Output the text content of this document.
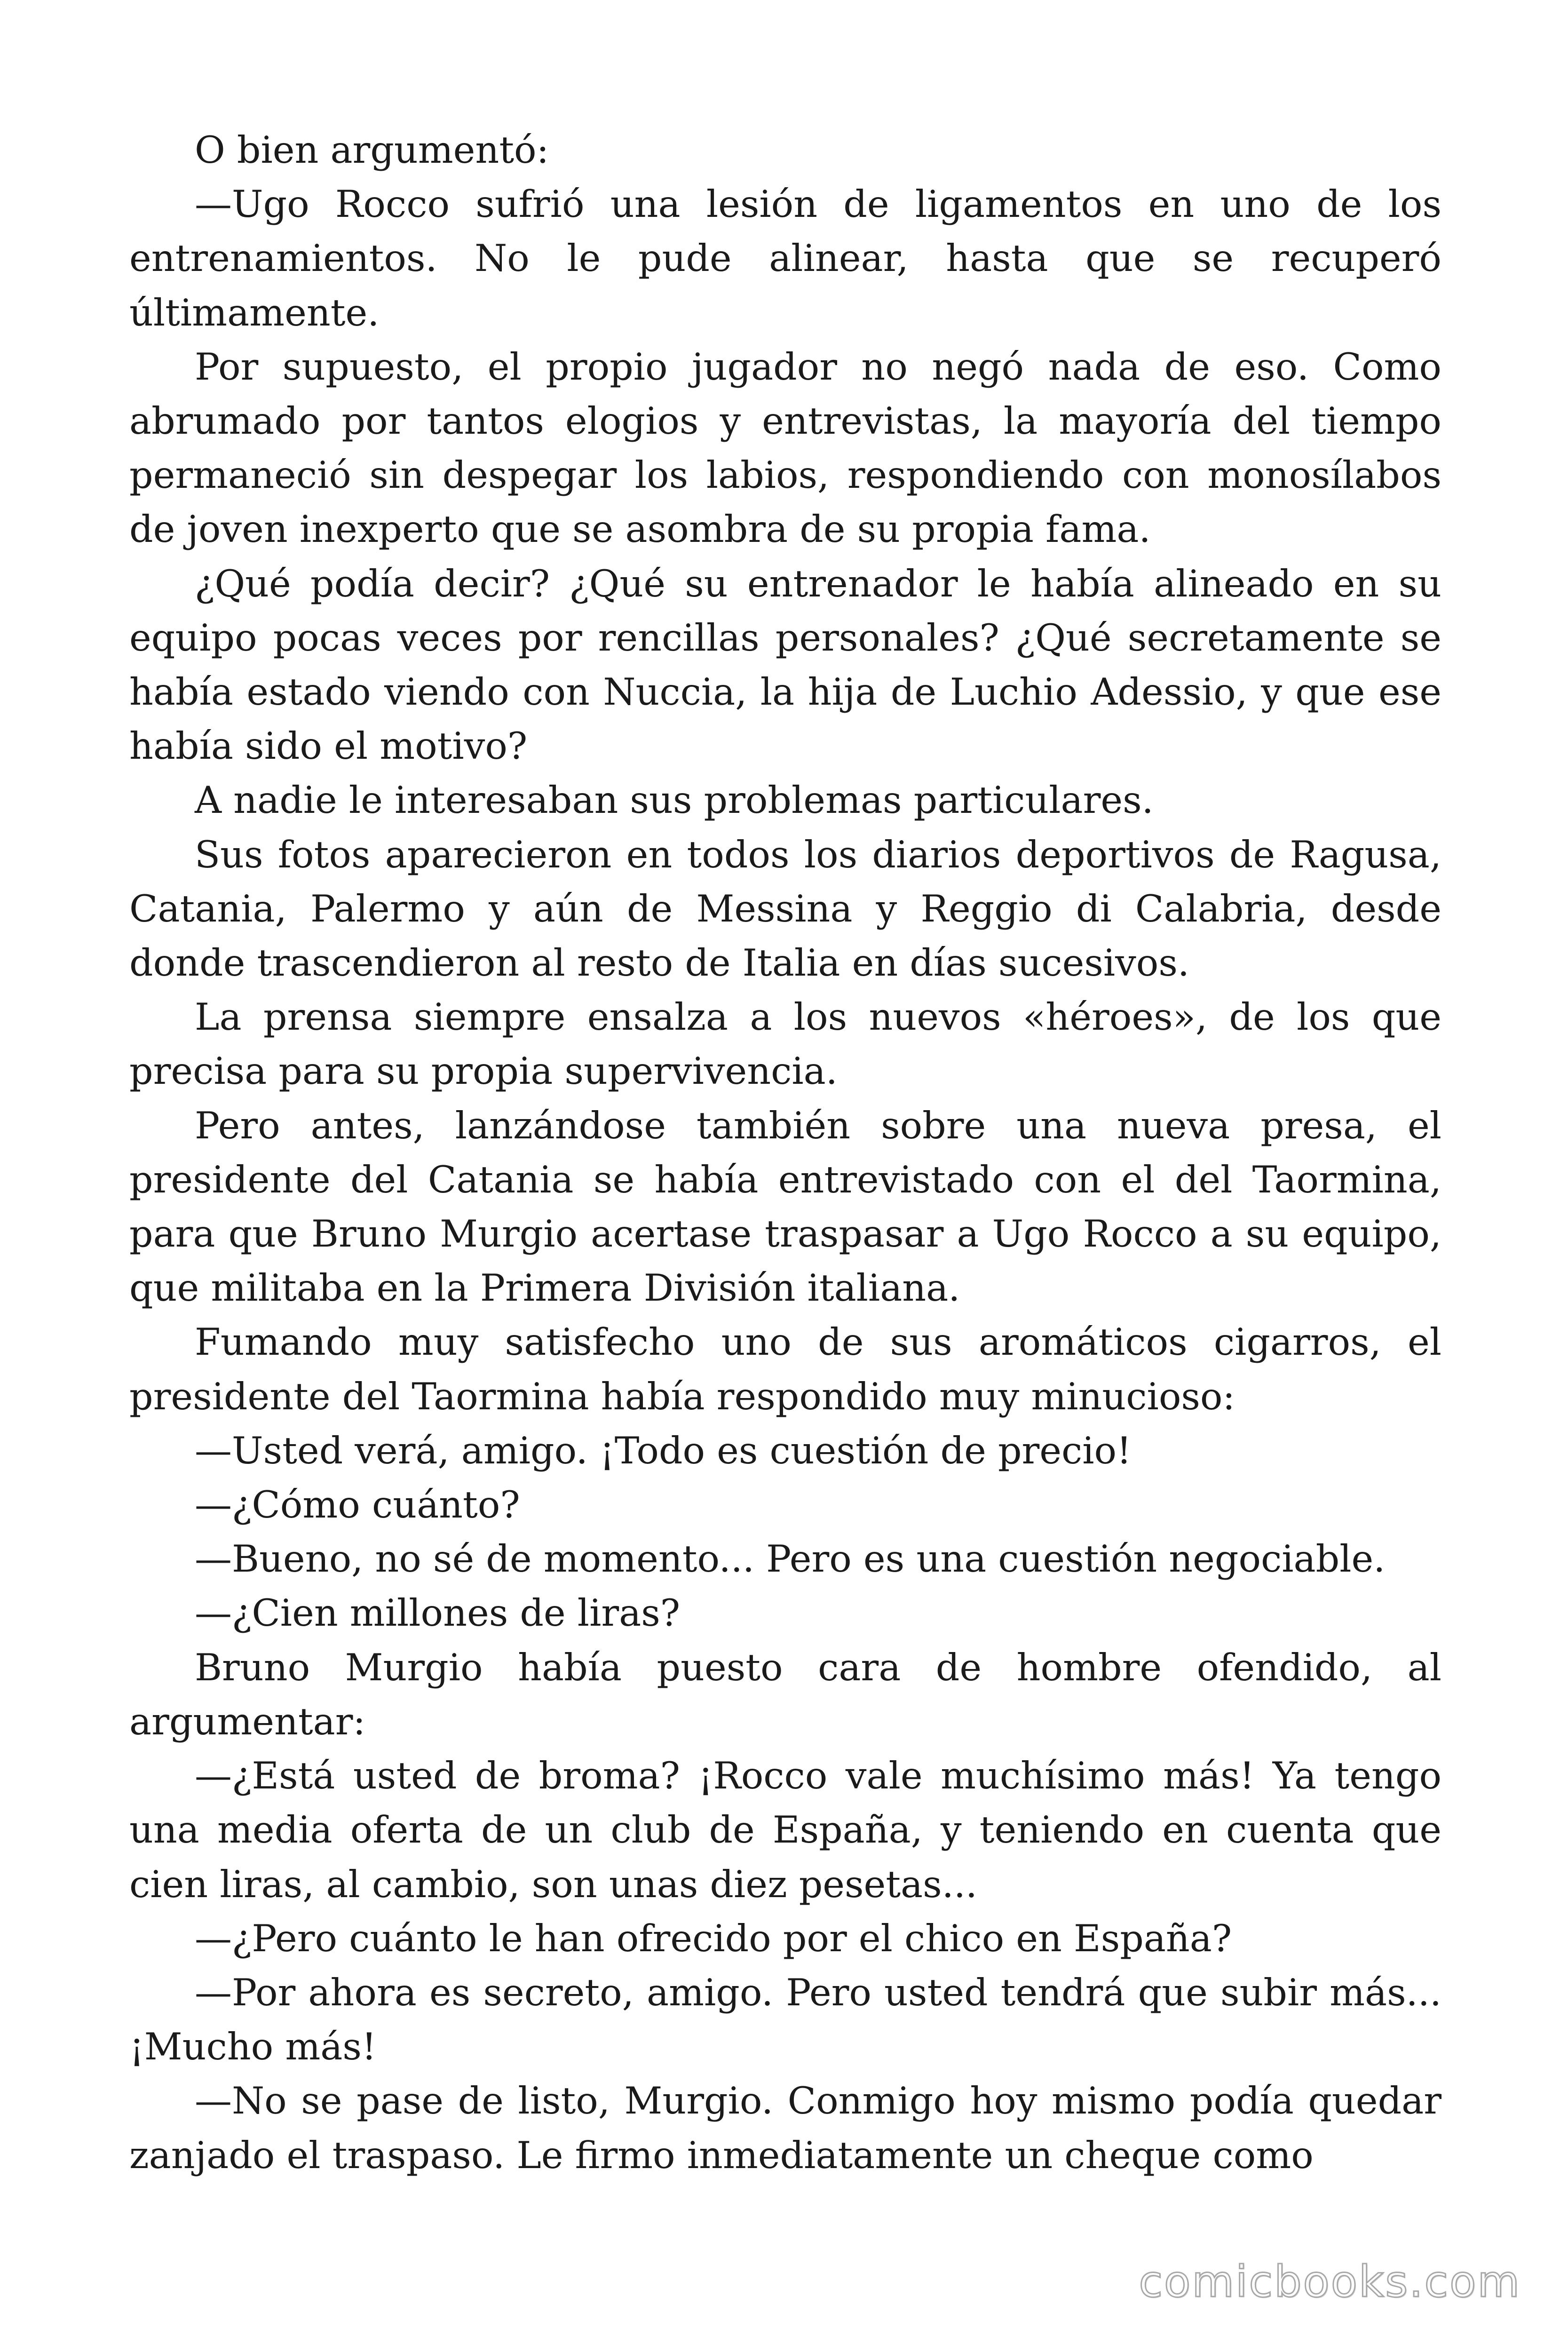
O bien argumentó:

—Ugo Rocco sufrió una lesión de ligamentos en uno de los entrenamientos. No le pude alinear, hasta que se recuperó últimamente.

Por supuesto, el propio jugador no negó nada de eso. Como abrumado por tantos elogios y entrevistas, la mayoría del tiempo permaneció sin despegar los labios, respondiendo con monosílabos de joven inexperto que se asombra de su propia fama.

¿Qué podía decir? ¿Qué su entrenador le había alineado en su equipo pocas veces por rencillas personales? ¿Qué secretamente se había estado viendo con Nuccia, la hija de Luchio Adessio, y que ese había sido el motivo?

A nadie le interesaban sus problemas particulares.

Sus fotos aparecieron en todos los diarios deportivos de Ragusa, Catania, Palermo y aún de Messina y Reggio di Calabria, desde donde trascendieron al resto de Italia en días sucesivos.

La prensa siempre ensalza a los nuevos «héroes», de los que precisa para su propia supervivencia.

Pero antes, lanzándose también sobre una nueva presa, el presidente del Catania se había entrevistado con el del Taormina, para que Bruno Murgio acertase traspasar a Ugo Rocco a su equipo, que militaba en la Primera División italiana.

Fumando muy satisfecho uno de sus aromáticos cigarros, el presidente del Taormina había respondido muy minucioso:

—Usted verá, amigo. ¡Todo es cuestión de precio!

—¿Cómo cuánto?

—Bueno, no sé de momento... Pero es una cuestión negociable.

—¿Cien millones de liras?

Bruno Murgio había puesto cara de hombre ofendido, al argumentar:

—¿Está usted de broma? ¡Rocco vale muchísimo más! Ya tengo una media oferta de un club de España, y teniendo en cuenta que cien liras, al cambio, son unas diez pesetas...

—¿Pero cuánto le han ofrecido por el chico en España?

—Por ahora es secreto, amigo. Pero usted tendrá que subir más... ¡Mucho más!

—No se pase de listo, Murgio. Conmigo hoy mismo podía quedar zanjado el traspaso. Le firmo inmediatamente un cheque como

comicbooks.com
